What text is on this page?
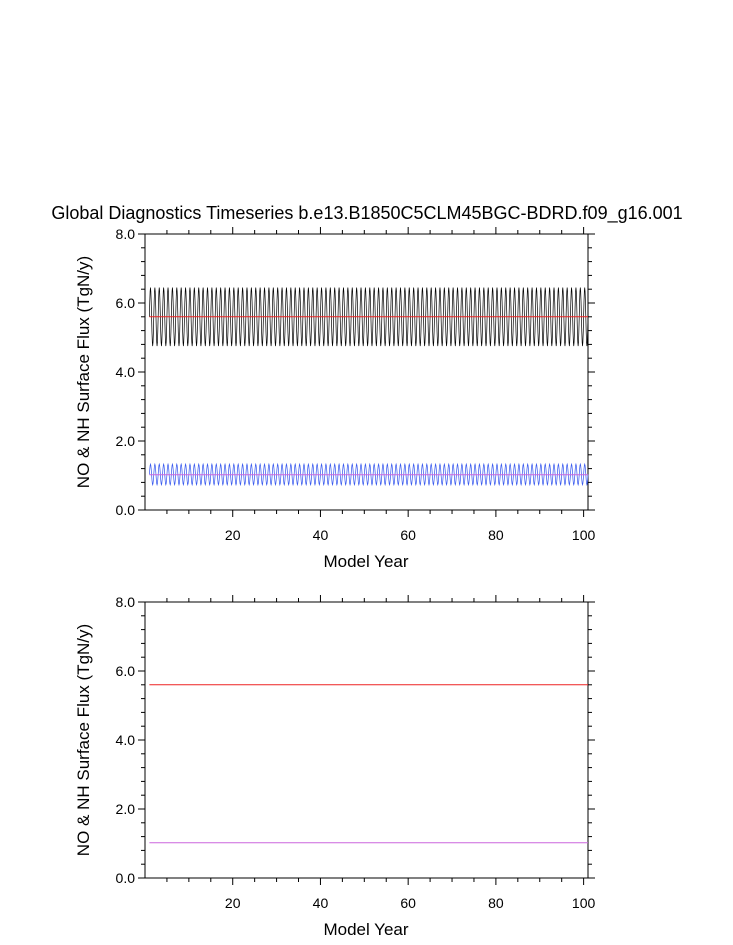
Global Diagnostics Timeseries b.e13.B1850C5CLM45BGC-BDRD.f09_g16.001
0.0
2.0
4.0
6.0
8.0
20	40	60	80	100
Model Year
NO & NH Surface Flux (TgN/y)
0.0
2.0
4.0
6.0
8.0
20	40	60	80	100
Model Year
NO & NH Surface Flux (TgN/y)
